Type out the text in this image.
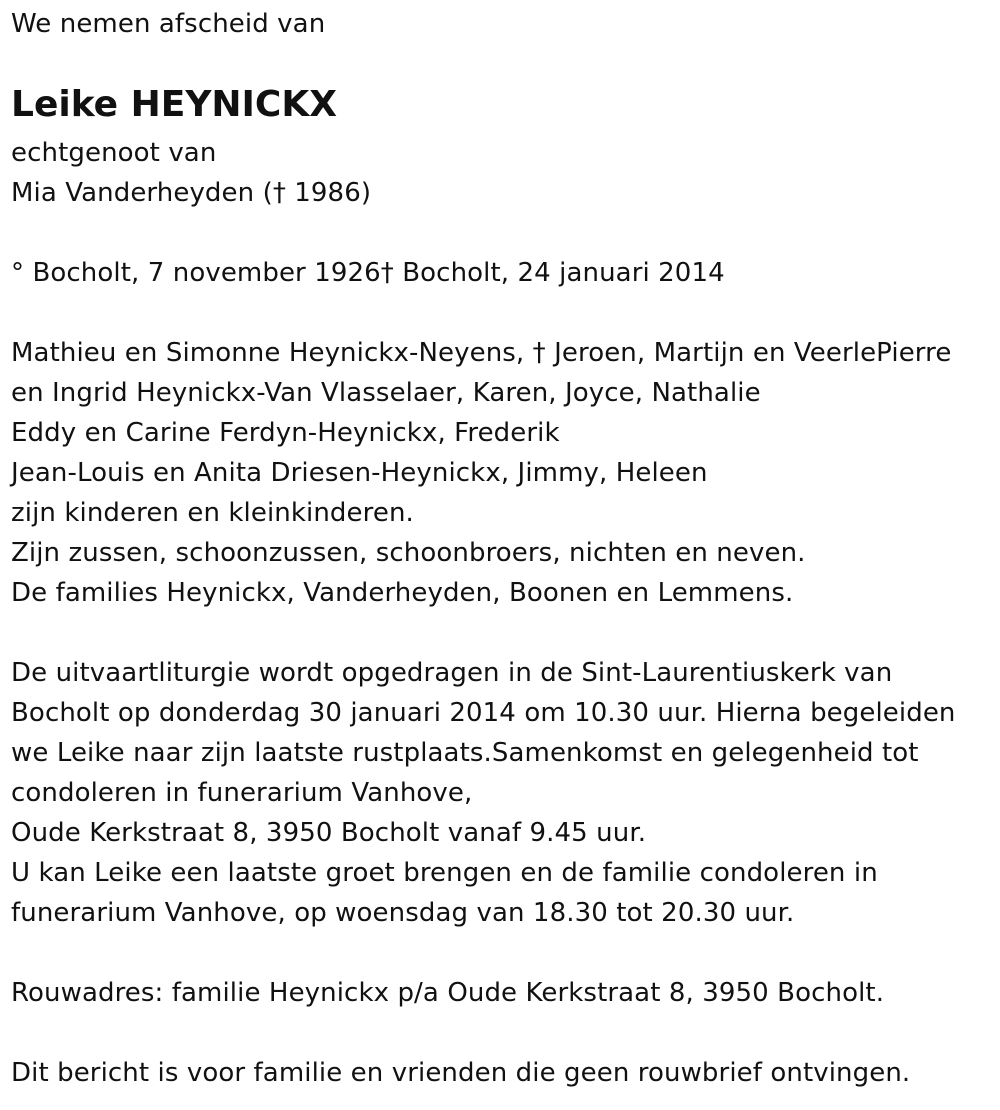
We nemen afscheid van
Leike HEYNICKX
echtgenoot van
Mia Vanderheyden († 1986)
° Bocholt, 7 november 1926† Bocholt, 24 januari 2014
Mathieu en Simonne Heynickx-Neyens, † Jeroen, Martijn en VeerlePierre
en Ingrid Heynickx-Van Vlasselaer, Karen, Joyce, Nathalie
Eddy en Carine Ferdyn-Heynickx, Frederik
Jean-Louis en Anita Driesen-Heynickx, Jimmy, Heleen
zijn kinderen en kleinkinderen.
Zijn zussen, schoonzussen, schoonbroers, nichten en neven.
De families Heynickx, Vanderheyden, Boonen en Lemmens.
De uitvaartliturgie wordt opgedragen in de Sint-Laurentiuskerk van
Bocholt op donderdag 30 januari 2014 om 10.30 uur. Hierna begeleiden
we Leike naar zijn laatste rustplaats.Samenkomst en gelegenheid tot
condoleren in funerarium Vanhove,
Oude Kerkstraat 8, 3950 Bocholt vanaf 9.45 uur.
U kan Leike een laatste groet brengen en de familie condoleren in
funerarium Vanhove, op woensdag van 18.30 tot 20.30 uur.
Rouwadres: familie Heynickx p/a Oude Kerkstraat 8, 3950 Bocholt.
Dit bericht is voor familie en vrienden die geen rouwbrief ontvingen.
